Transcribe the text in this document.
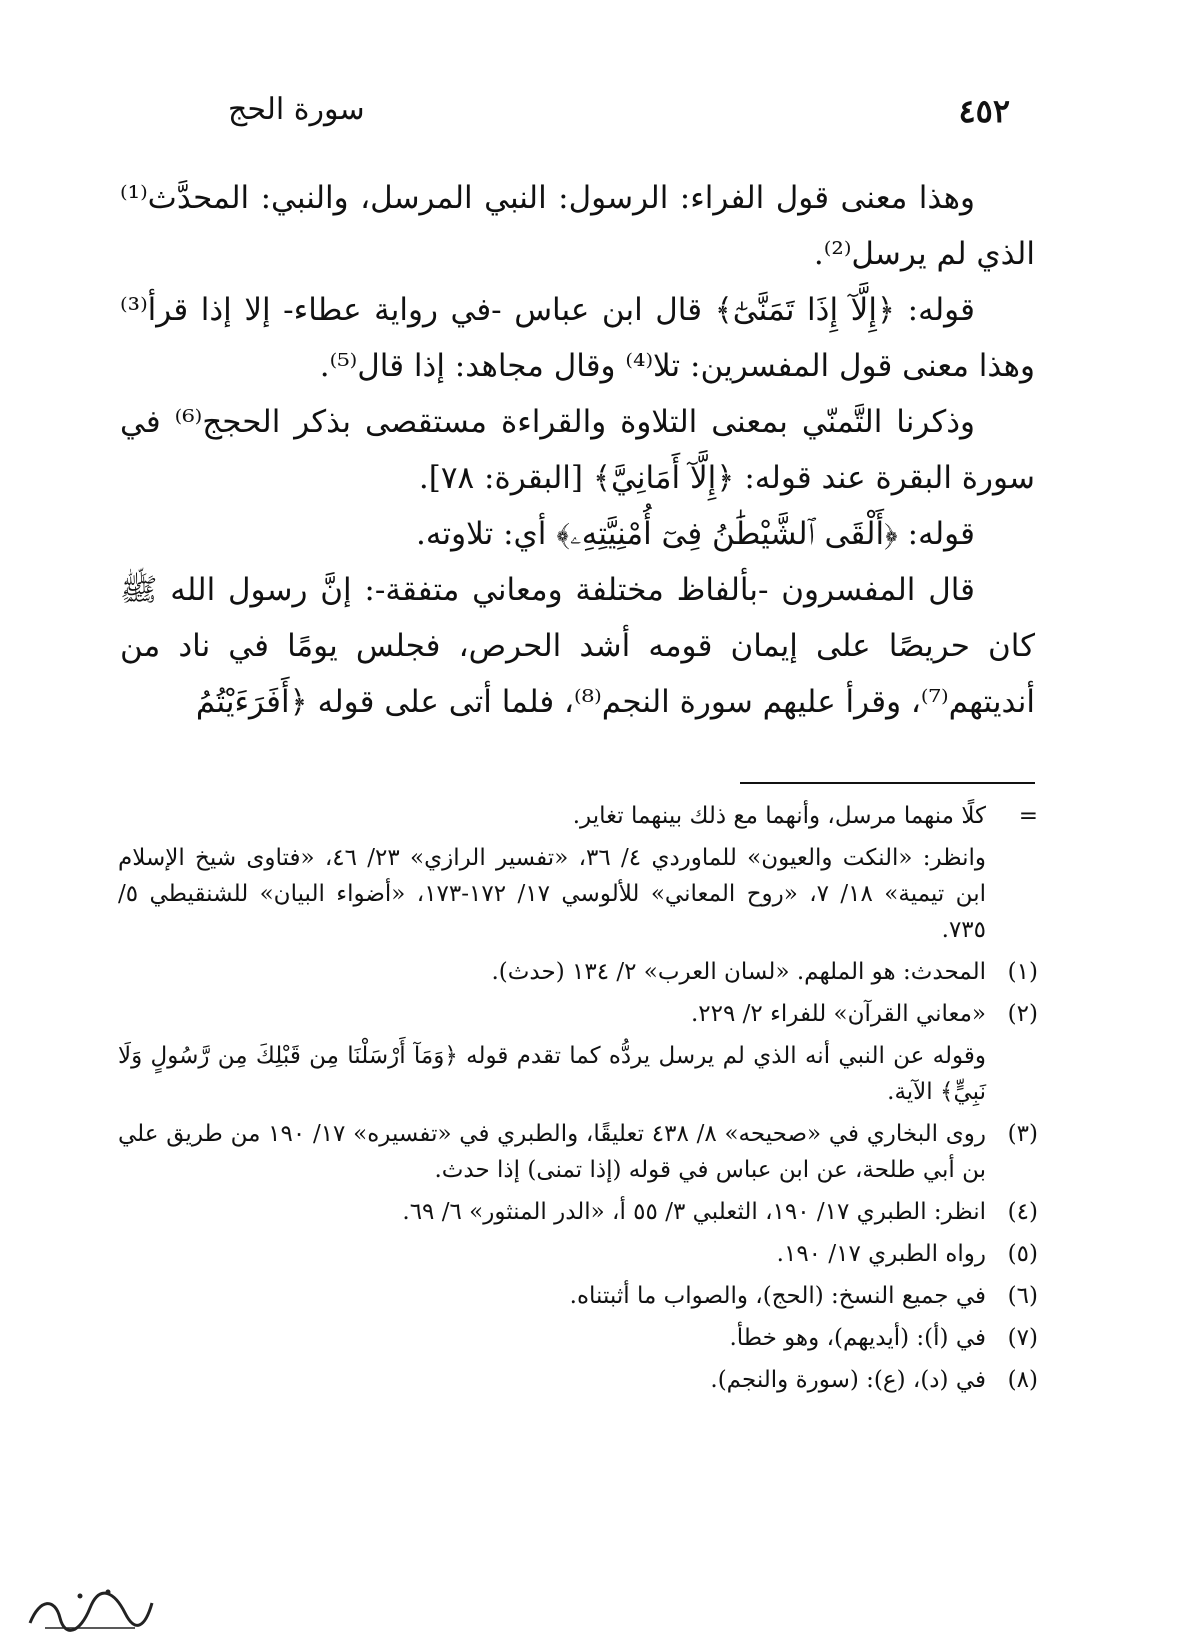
سورة الحج	٤٥٢

وهذا معنى قول الفراء: الرسول: النبي المرسل، والنبي: المحدَّث⁽¹⁾ الذي لم يرسل⁽²⁾.

قوله: ﴿إِلَّآ إِذَا تَمَنَّىٰٓ﴾ قال ابن عباس -في رواية عطاء- إلا إذا قرأ⁽³⁾ وهذا معنى قول المفسرين: تلا⁽⁴⁾ وقال مجاهد: إذا قال⁽⁵⁾.

وذكرنا التَّمنّي بمعنى التلاوة والقراءة مستقصى بذكر الحجج⁽⁶⁾ في سورة البقرة عند قوله: ﴿إِلَّآ أَمَانِيَّ﴾ [البقرة: ٧٨].

قوله: ﴿أَلْقَى ٱلشَّيْطَٰنُ فِىٓ أُمْنِيَّتِهِۦ﴾ أي: تلاوته.

قال المفسرون -بألفاظ مختلفة ومعاني متفقة-: إنَّ رسول الله ﷺ كان حريصًا على إيمان قومه أشد الحرص، فجلس يومًا في ناد من أنديتهم⁽⁷⁾، وقرأ عليهم سورة النجم⁽⁸⁾، فلما أتى على قوله ﴿أَفَرَءَيْتُمُ

=
كلًا منهما مرسل، وأنهما مع ذلك بينهما تغاير.
وانظر: «النكت والعيون» للماوردي ٤/ ٣٦، «تفسير الرازي» ٢٣/ ٤٦، «فتاوى شيخ الإسلام ابن تيمية» ١٨/ ٧، «روح المعاني» للألوسي ١٧/ ١٧٢-١٧٣، «أضواء البيان» للشنقيطي ٥/ ٧٣٥.
(١)
المحدث: هو الملهم. «لسان العرب» ٢/ ١٣٤ (حدث).
(٢)
«معاني القرآن» للفراء ٢/ ٢٢٩.
وقوله عن النبي أنه الذي لم يرسل يردُّه كما تقدم قوله ﴿وَمَآ أَرْسَلْنَا مِن قَبْلِكَ مِن رَّسُولٍ وَلَا نَبِيٍّ﴾ الآية.
(٣)
روى البخاري في «صحيحه» ٨/ ٤٣٨ تعليقًا، والطبري في «تفسيره» ١٧/ ١٩٠ من طريق علي بن أبي طلحة، عن ابن عباس في قوله (إذا تمنى) إذا حدث.
(٤)
انظر: الطبري ١٧/ ١٩٠، الثعلبي ٣/ ٥٥ أ، «الدر المنثور» ٦/ ٦٩.
(٥)
رواه الطبري ١٧/ ١٩٠.
(٦)
في جميع النسخ: (الحج)، والصواب ما أثبتناه.
(٧)
في (أ): (أيديهم)، وهو خطأ.
(٨)
في (د)، (ع): (سورة والنجم).
